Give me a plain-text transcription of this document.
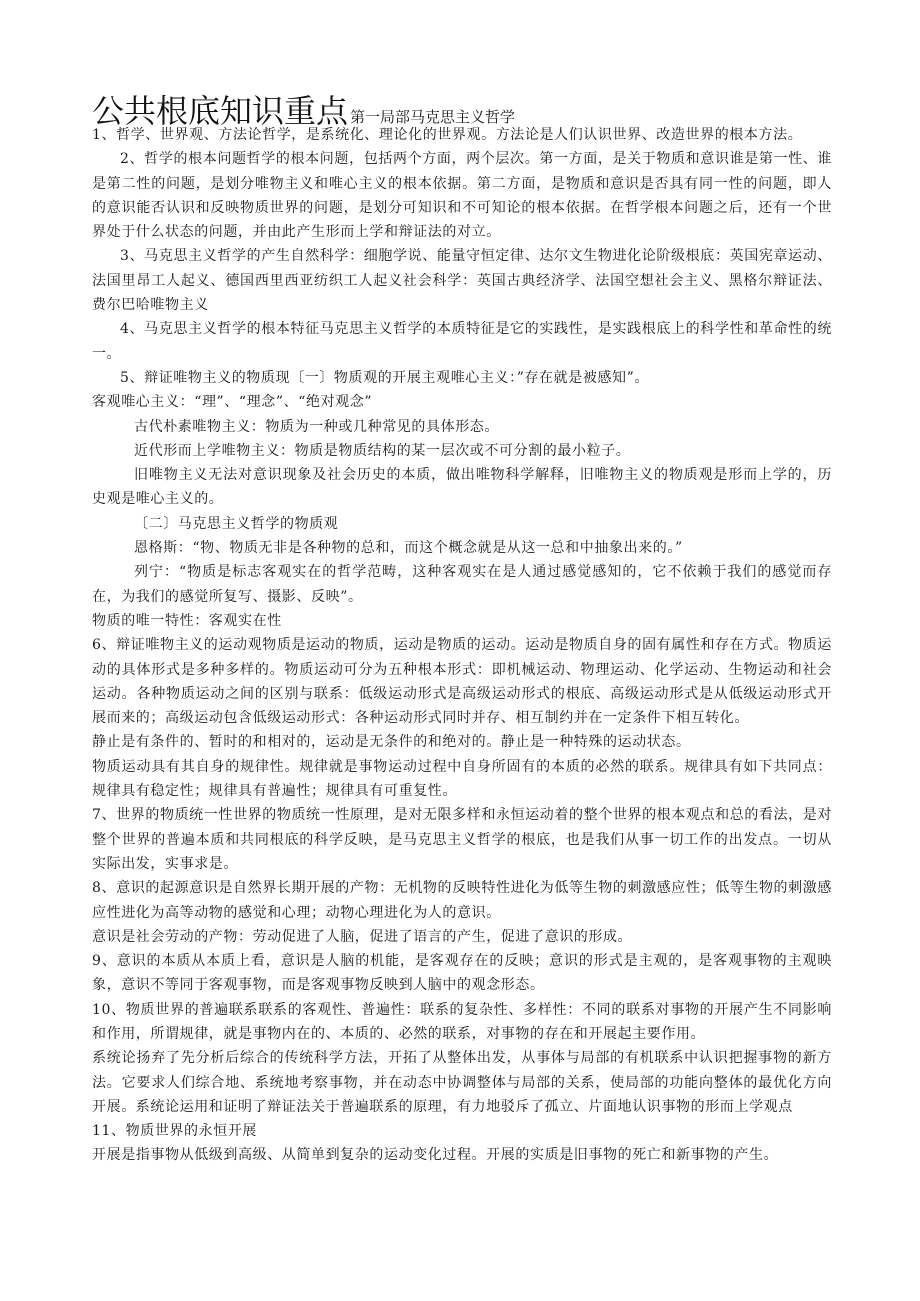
公共根底知识重点 第一局部马克思主义哲学

1、哲学、世界观、方法论哲学，是系统化、理论化的世界观。方法论是人们认识世界、改造世界的根本方法。

2、哲学的根本问题哲学的根本问题，包括两个方面，两个层次。第一方面，是关于物质和意识谁是第一性、谁是第二性的问题，是划分唯物主义和唯心主义的根本依据。第二方面，是物质和意识是否具有同一性的问题，即人的意识能否认识和反映物质世界的问题，是划分可知识和不可知论的根本依据。在哲学根本问题之后，还有一个世界处于什么状态的问题，并由此产生形而上学和辩证法的对立。

3、马克思主义哲学的产生自然科学：细胞学说、能量守恒定律、达尔文生物进化论阶级根底：英国宪章运动、法国里昂工人起义、德国西里西亚纺织工人起义社会科学：英国古典经济学、法国空想社会主义、黑格尔辩证法、费尔巴哈唯物主义

4、马克思主义哲学的根本特征马克思主义哲学的本质特征是它的实践性，是实践根底上的科学性和革命性的统一。

5、辩证唯物主义的物质现〔一〕物质观的开展主观唯心主义：”存在就是被感知”。

客观唯心主义：“理”、“理念”、“绝对观念”

古代朴素唯物主义：物质为一种或几种常见的具体形态。

近代形而上学唯物主义：物质是物质结构的某一层次或不可分割的最小粒子。

旧唯物主义无法对意识现象及社会历史的本质，做出唯物科学解释，旧唯物主义的物质观是形而上学的，历史观是唯心主义的。

〔二〕马克思主义哲学的物质观

恩格斯：“物、物质无非是各种物的总和，而这个概念就是从这一总和中抽象出来的。”

列宁：“物质是标志客观实在的哲学范畴，这种客观实在是人通过感觉感知的，它不依赖于我们的感觉而存在，为我们的感觉所复写、摄影、反映”。

物质的唯一特性：客观实在性

6、辩证唯物主义的运动观物质是运动的物质，运动是物质的运动。运动是物质自身的固有属性和存在方式。物质运动的具体形式是多种多样的。物质运动可分为五种根本形式：即机械运动、物理运动、化学运动、生物运动和社会运动。各种物质运动之间的区别与联系：低级运动形式是高级运动形式的根底、高级运动形式是从低级运动形式开展而来的；高级运动包含低级运动形式：各种运动形式同时并存、相互制约并在一定条件下相互转化。

静止是有条件的、暂时的和相对的，运动是无条件的和绝对的。静止是一种特殊的运动状态。

物质运动具有其自身的规律性。规律就是事物运动过程中自身所固有的本质的必然的联系。规律具有如下共同点：规律具有稳定性；规律具有普遍性；规律具有可重复性。

7、世界的物质统一性世界的物质统一性原理，是对无限多样和永恒运动着的整个世界的根本观点和总的看法，是对整个世界的普遍本质和共同根底的科学反映，是马克思主义哲学的根底，也是我们从事一切工作的出发点。一切从实际出发，实事求是。

8、意识的起源意识是自然界长期开展的产物：无机物的反映特性进化为低等生物的刺激感应性；低等生物的刺激感应性进化为高等动物的感觉和心理；动物心理进化为人的意识。

意识是社会劳动的产物：劳动促进了人脑，促进了语言的产生，促进了意识的形成。

9、意识的本质从本质上看，意识是人脑的机能，是客观存在的反映；意识的形式是主观的，是客观事物的主观映象，意识不等同于客观事物，而是客观事物反映到人脑中的观念形态。

10、物质世界的普遍联系联系的客观性、普遍性：联系的复杂性、多样性：不同的联系对事物的开展产生不同影响和作用，所谓规律，就是事物内在的、本质的、必然的联系，对事物的存在和开展起主要作用。

系统论扬弃了先分析后综合的传统科学方法，开拓了从整体出发，从事体与局部的有机联系中认识把握事物的新方法。它要求人们综合地、系统地考察事物，并在动态中协调整体与局部的关系，使局部的功能向整体的最优化方向开展。系统论运用和证明了辩证法关于普遍联系的原理，有力地驳斥了孤立、片面地认识事物的形而上学观点

11、物质世界的永恒开展

开展是指事物从低级到高级、从简单到复杂的运动变化过程。开展的实质是旧事物的死亡和新事物的产生。
